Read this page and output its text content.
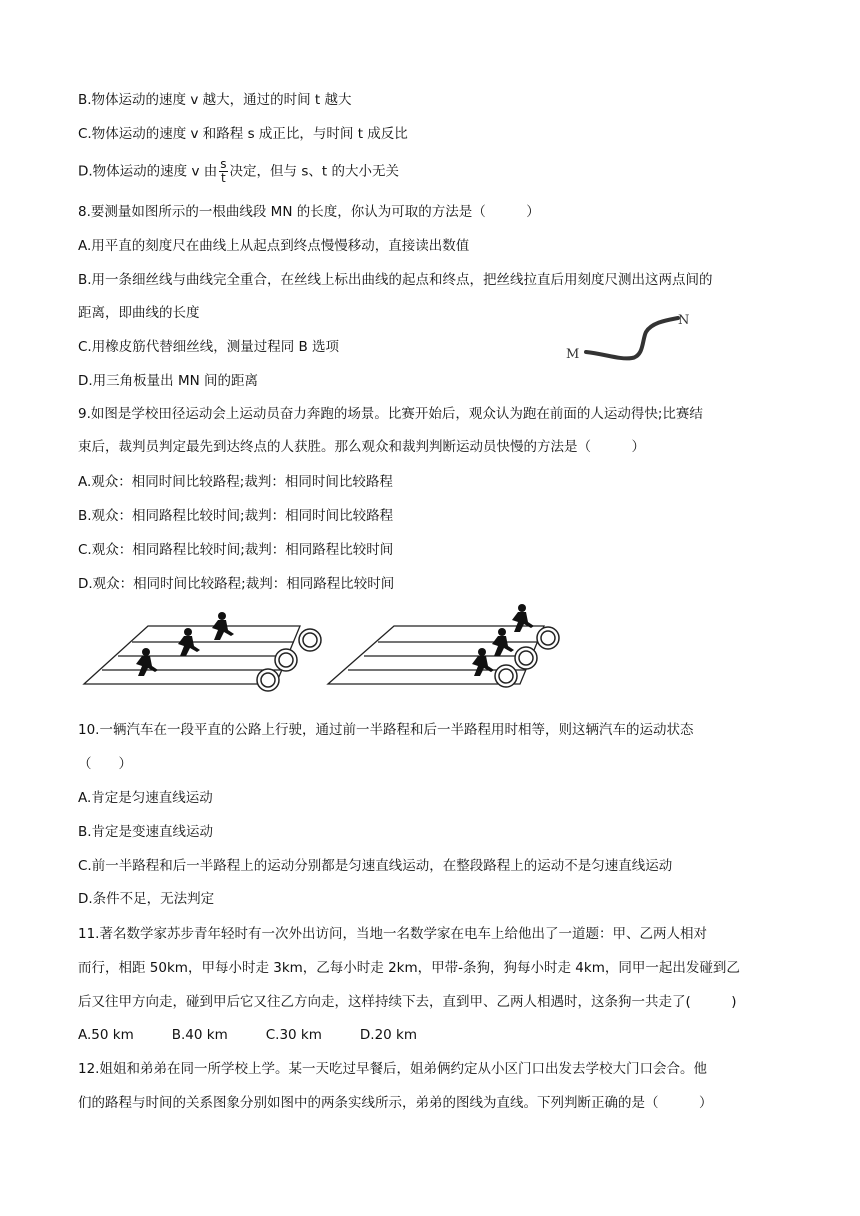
B.物体运动的速度 v 越大，通过的时间 t 越大
C.物体运动的速度 v 和路程 s 成正比，与时间 t 成反比
D.物体运动的速度 v 由 $\frac{s}{t}$ 决定，但与 s、t 的大小无关
8.要测量如图所示的一根曲线段 MN 的长度，你认为可取的方法是（　　　）
A.用平直的刻度尺在曲线上从起点到终点慢慢移动，直接读出数值
B.用一条细丝线与曲线完全重合，在丝线上标出曲线的起点和终点，把丝线拉直后用刻度尺测出这两点间的
距离，即曲线的长度
C.用橡皮筋代替细丝线，测量过程同 B 选项
D.用三角板量出 MN 间的距离
M
N
9.如图是学校田径运动会上运动员奋力奔跑的场景。比赛开始后，观众认为跑在前面的人运动得快;比赛结
束后，裁判员判定最先到达终点的人获胜。那么观众和裁判判断运动员快慢的方法是（　　　）
A.观众：相同时间比较路程;裁判：相同时间比较路程
B.观众：相同路程比较时间;裁判：相同时间比较路程
C.观众：相同路程比较时间;裁判：相同路程比较时间
D.观众：相同时间比较路程;裁判：相同路程比较时间
10.一辆汽车在一段平直的公路上行驶，通过前一半路程和后一半路程用时相等，则这辆汽车的运动状态
（　　）
A.肯定是匀速直线运动
B.肯定是变速直线运动
C.前一半路程和后一半路程上的运动分别都是匀速直线运动，在整段路程上的运动不是匀速直线运动
D.条件不足，无法判定
11.著名数学家苏步青年轻时有一次外出访问，当地一名数学家在电车上给他出了一道题：甲、乙两人相对
而行，相距 50km，甲每小时走 3km，乙每小时走 2km，甲带-条狗，狗每小时走 4km，同甲一起出发碰到乙
后又往甲方向走，碰到甲后它又往乙方向走，这样持续下去，直到甲、乙两人相遇时，这条狗一共走了(　　　)
A.50 km	B.40 km	C.30 km	D.20 km
12.姐姐和弟弟在同一所学校上学。某一天吃过早餐后，姐弟俩约定从小区门口出发去学校大门口会合。他
们的路程与时间的关系图象分别如图中的两条实线所示，弟弟的图线为直线。下列判断正确的是（　　　）
